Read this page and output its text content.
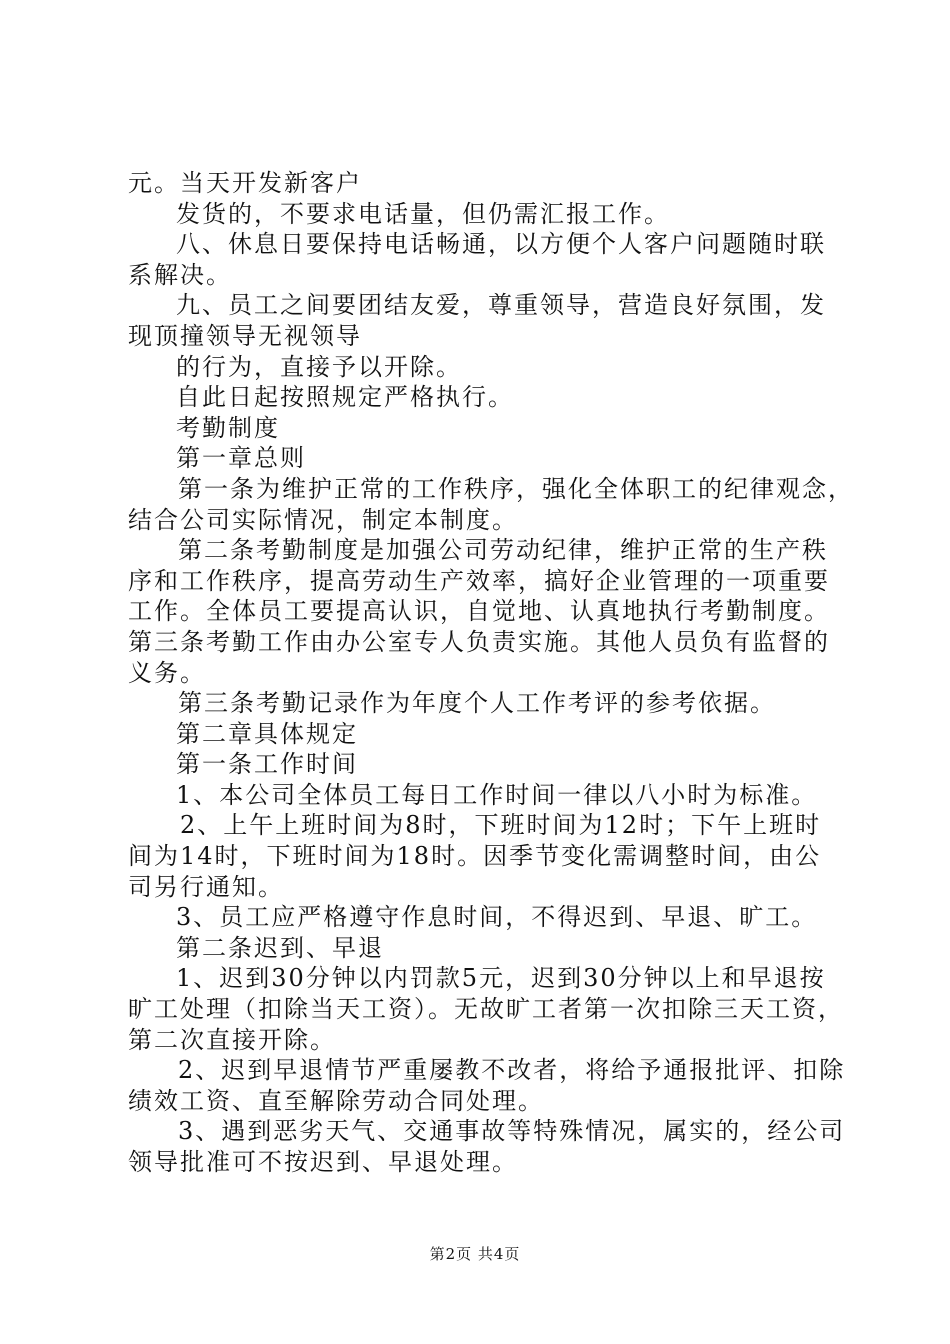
元。当天开发新客户
发货的，不要求电话量，但仍需汇报工作。
八、休息日要保持电话畅通，以方便个人客户问题随时联
系解决。
九、员工之间要团结友爱，尊重领导，营造良好氛围，发
现顶撞领导无视领导
的行为，直接予以开除。
自此日起按照规定严格执行。
考勤制度
第一章总则
第一条为维护正常的工作秩序，强化全体职工的纪律观念，
结合公司实际情况，制定本制度。
第二条考勤制度是加强公司劳动纪律，维护正常的生产秩
序和工作秩序，提高劳动生产效率，搞好企业管理的一项重要
工作。全体员工要提高认识，自觉地、认真地执行考勤制度。
第三条考勤工作由办公室专人负责实施。其他人员负有监督的
义务。
第三条考勤记录作为年度个人工作考评的参考依据。
第二章具体规定
第一条工作时间
1、本公司全体员工每日工作时间一律以八小时为标准。
2、上午上班时间为8时，下班时间为12时；下午上班时
间为14时，下班时间为18时。因季节变化需调整时间，由公
司另行通知。
3、员工应严格遵守作息时间，不得迟到、早退、旷工。
第二条迟到、早退
1、迟到30分钟以内罚款5元，迟到30分钟以上和早退按
旷工处理（扣除当天工资）。无故旷工者第一次扣除三天工资，
第二次直接开除。
2、迟到早退情节严重屡教不改者，将给予通报批评、扣除
绩效工资、直至解除劳动合同处理。
3、遇到恶劣天气、交通事故等特殊情况，属实的，经公司
领导批准可不按迟到、早退处理。
第2页 共4页
